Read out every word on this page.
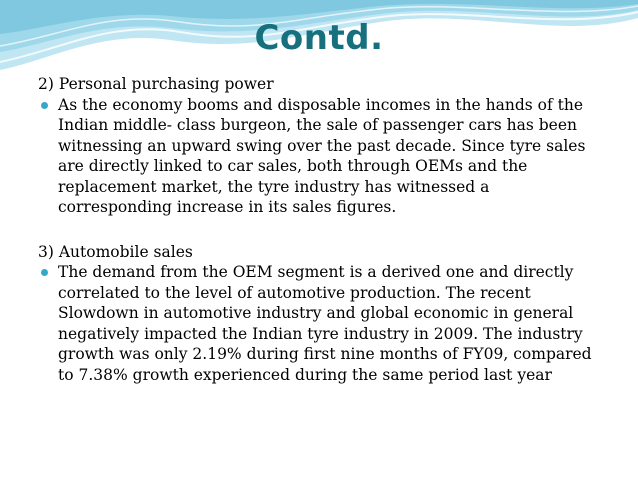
Contd.

2) Personal purchasing power

As the economy booms and disposable incomes in the hands of the Indian middle- class burgeon, the sale of passenger cars has been witnessing an upward swing over the past decade. Since tyre sales are directly linked to car sales, both through OEMs and the replacement market, the tyre industry has witnessed a corresponding increase in its sales figures.

3) Automobile sales

The demand from the OEM segment is a derived one and directly correlated to the level of automotive production. The recent Slowdown in automotive industry and global economic in general negatively impacted the Indian tyre industry in 2009. The industry growth was only 2.19% during first nine months of FY09, compared to 7.38% growth experienced during the same period last year
